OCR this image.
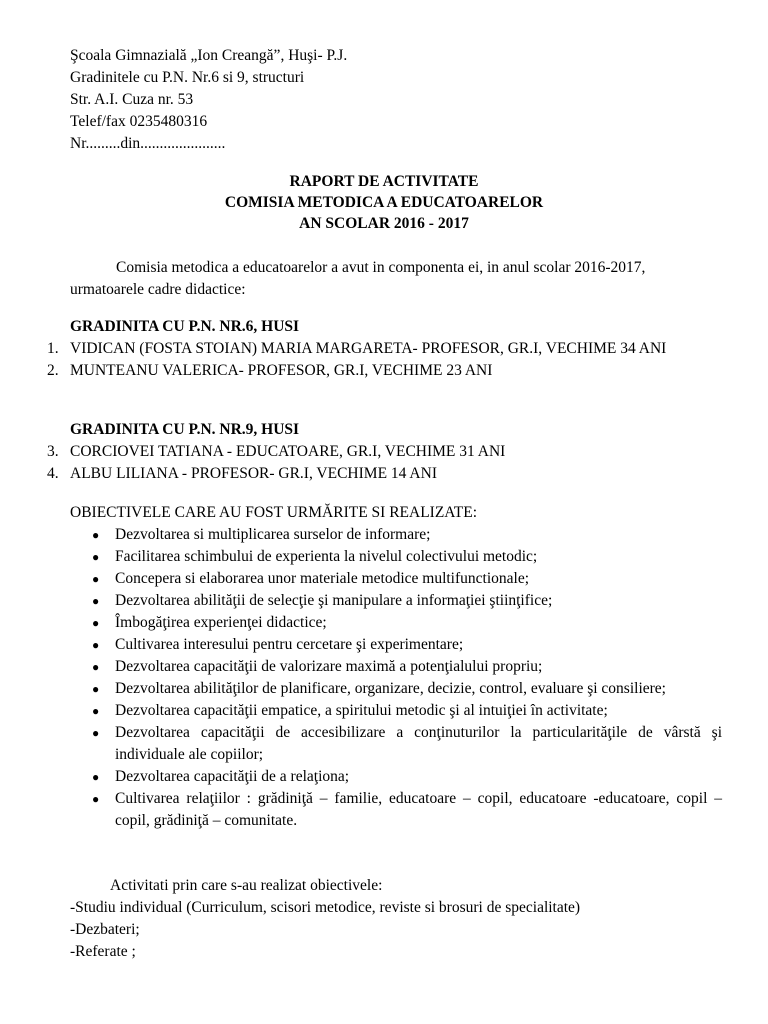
Şcoala Gimnazială „Ion Creangă”, Huşi- P.J.
Gradinitele cu P.N. Nr.6 si 9, structuri
Str. A.I. Cuza nr. 53
Telef/fax 0235480316
Nr.........din......................
RAPORT DE ACTIVITATE
COMISIA METODICA A EDUCATOARELOR
AN SCOLAR 2016 - 2017

Comisia metodica a educatoarelor a avut in componenta ei, in anul scolar 2016-2017, urmatoarele cadre didactice:

GRADINITA CU P.N. NR.6, HUSI
1. VIDICAN (FOSTA STOIAN) MARIA MARGARETA- PROFESOR, GR.I, VECHIME 34 ANI
2. MUNTEANU VALERICA- PROFESOR, GR.I, VECHIME 23 ANI
GRADINITA CU P.N. NR.9, HUSI
3. CORCIOVEI TATIANA - EDUCATOARE, GR.I, VECHIME 31 ANI
4. ALBU LILIANA - PROFESOR- GR.I, VECHIME 14 ANI
OBIECTIVELE CARE AU FOST URMĂRITE SI REALIZATE:
● Dezvoltarea si multiplicarea surselor de informare;
● Facilitarea schimbului de experienta la nivelul colectivului metodic;
● Concepera si elaborarea unor materiale metodice multifunctionale;
● Dezvoltarea abilităţii de selecţie şi manipulare a informaţiei ştiinţifice;
● Îmbogăţirea experienţei didactice;
● Cultivarea interesului pentru cercetare şi experimentare;
● Dezvoltarea capacităţii de valorizare maximă a potenţialului propriu;
● Dezvoltarea abilităţilor de planificare, organizare, decizie, control, evaluare şi consiliere;
● Dezvoltarea capacităţii empatice, a spiritului metodic şi al intuiţiei în activitate;
● Dezvoltarea capacităţii de accesibilizare a conţinuturilor la particularităţile de vârstă şi individuale ale copiilor;
● Dezvoltarea capacităţii de a relaţiona;
● Cultivarea relaţiilor : grădiniţă – familie, educatoare – copil, educatoare -educatoare, copil – copil, grădiniţă – comunitate.
Activitati prin care s-au realizat obiectivele:
-Studiu individual (Curriculum, scisori metodice, reviste si brosuri de specialitate)
-Dezbateri;
-Referate ;
